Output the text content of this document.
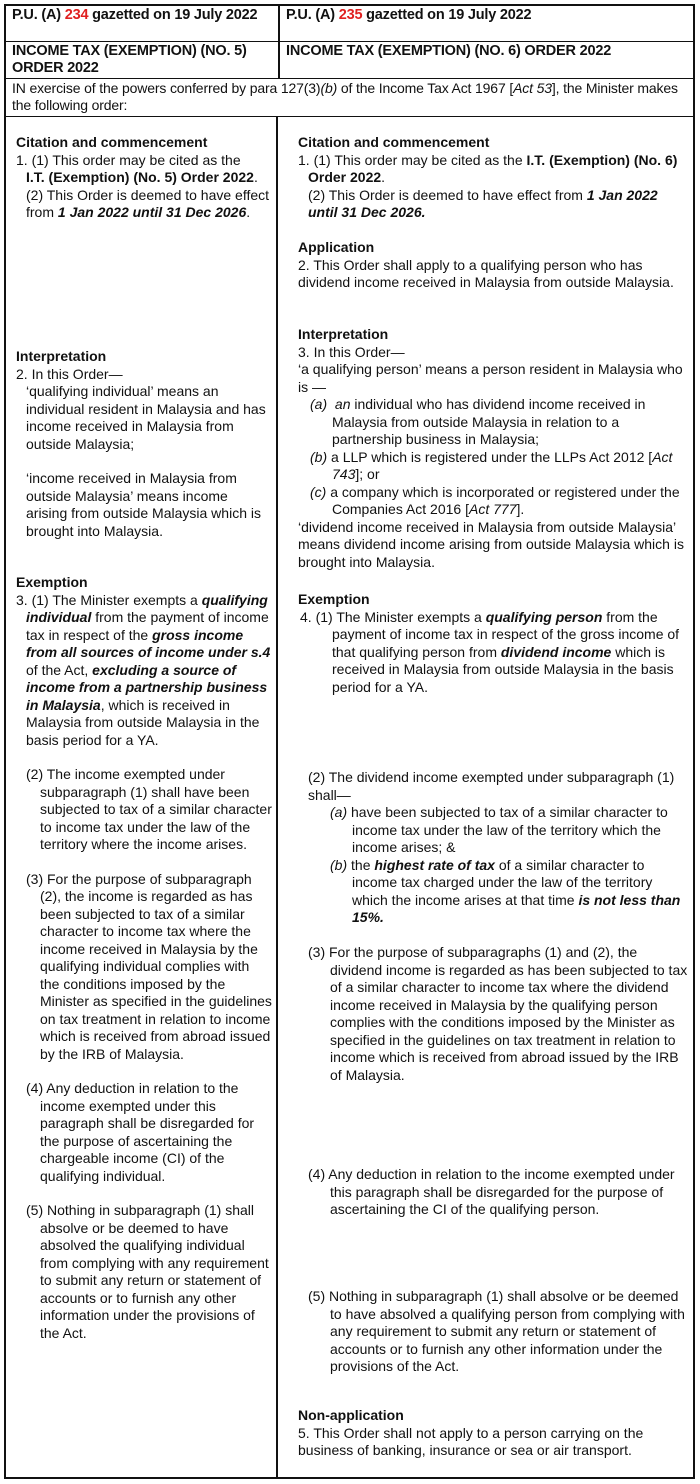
P.U. (A) 234 gazetted on 19 July 2022	P.U. (A) 235 gazetted on 19 July 2022
INCOME TAX (EXEMPTION) (NO. 5) ORDER 2022
INCOME TAX (EXEMPTION) (NO. 6) ORDER 2022
IN exercise of the powers conferred by para 127(3)(b) of the Income Tax Act 1967 [Act 53], the Minister makes the following order:
Citation and commencement
1. (1) This order may be cited as the
I.T. (Exemption) (No. 5) Order 2022.
(2) This Order is deemed to have effect from 1 Jan 2022 until 31 Dec 2026.
Interpretation
2. In this Order—
‘qualifying individual’ means an individual resident in Malaysia and has income received in Malaysia from outside Malaysia;
‘income received in Malaysia from outside Malaysia’ means income arising from outside Malaysia which is brought into Malaysia.
Exemption
3. (1) The Minister exempts a qualifying individual from the payment of income tax in respect of the gross income from all sources of income under s.4 of the Act, excluding a source of income from a partnership business in Malaysia, which is received in Malaysia from outside Malaysia in the basis period for a YA.
(2) The income exempted under subparagraph (1) shall have been subjected to tax of a similar character to income tax under the law of the territory where the income arises.
(3) For the purpose of subparagraph (2), the income is regarded as has been subjected to tax of a similar character to income tax where the income received in Malaysia by the qualifying individual complies with the conditions imposed by the Minister as specified in the guidelines on tax treatment in relation to income which is received from abroad issued by the IRB of Malaysia.
(4) Any deduction in relation to the income exempted under this paragraph shall be disregarded for the purpose of ascertaining the chargeable income (CI) of the qualifying individual.
(5) Nothing in subparagraph (1) shall absolve or be deemed to have absolved the qualifying individual from complying with any requirement to submit any return or statement of accounts or to furnish any other information under the provisions of the Act.
Citation and commencement
1. (1) This order may be cited as the I.T. (Exemption) (No. 6) Order 2022.
(2) This Order is deemed to have effect from 1 Jan 2022 until 31 Dec 2026.
Application
2. This Order shall apply to a qualifying person who has dividend income received in Malaysia from outside Malaysia.
Interpretation
3. In this Order—
‘a qualifying person’ means a person resident in Malaysia who is —
(a) an individual who has dividend income received in Malaysia from outside Malaysia in relation to a partnership business in Malaysia;
(b) a LLP which is registered under the LLPs Act 2012 [Act 743]; or
(c) a company which is incorporated or registered under the Companies Act 2016 [Act 777].
‘dividend income received in Malaysia from outside Malaysia’ means dividend income arising from outside Malaysia which is brought into Malaysia.
Exemption
4. (1) The Minister exempts a qualifying person from the payment of income tax in respect of the gross income of that qualifying person from dividend income which is received in Malaysia from outside Malaysia in the basis period for a YA.
(2) The dividend income exempted under subparagraph (1) shall—
(a) have been subjected to tax of a similar character to income tax under the law of the territory which the income arises; &
(b) the highest rate of tax of a similar character to income tax charged under the law of the territory which the income arises at that time is not less than 15%.
(3) For the purpose of subparagraphs (1) and (2), the dividend income is regarded as has been subjected to tax of a similar character to income tax where the dividend income received in Malaysia by the qualifying person complies with the conditions imposed by the Minister as specified in the guidelines on tax treatment in relation to income which is received from abroad issued by the IRB of Malaysia.
(4) Any deduction in relation to the income exempted under this paragraph shall be disregarded for the purpose of ascertaining the CI of the qualifying person.
(5) Nothing in subparagraph (1) shall absolve or be deemed to have absolved a qualifying person from complying with any requirement to submit any return or statement of accounts or to furnish any other information under the provisions of the Act.
Non-application
5. This Order shall not apply to a person carrying on the business of banking, insurance or sea or air transport.
